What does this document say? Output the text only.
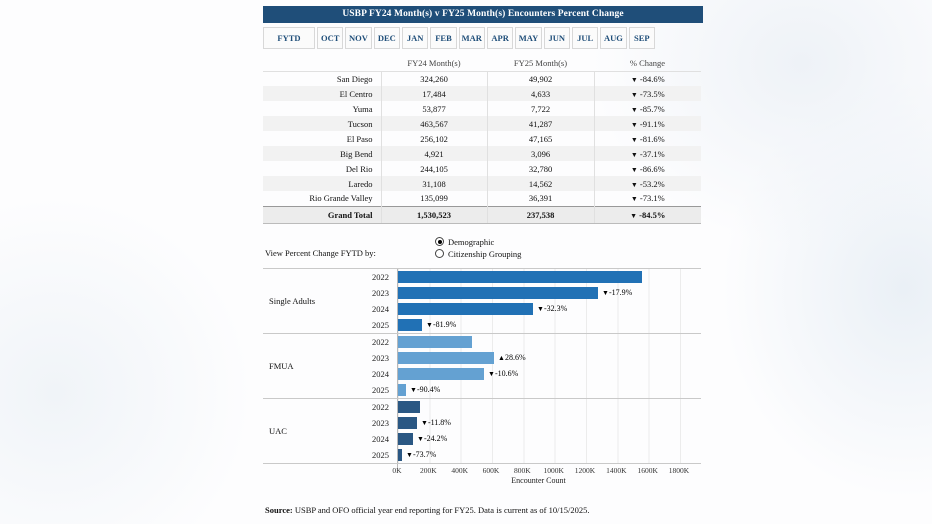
USBP FY24 Month(s) v FY25 Month(s) Encounters Percent Change
FYTD	OCT	NOV	DEC	JAN	FEB	MAR	APR	MAY	JUN	JUL	AUG	SEP
	FY24 Month(s)	FY25 Month(s)	% Change
San Diego	324,260	49,902	▼ -84.6%
El Centro	17,484	4,633	▼ -73.5%
Yuma	53,877	7,722	▼ -85.7%
Tucson	463,567	41,287	▼ -91.1%
El Paso	256,102	47,165	▼ -81.6%
Big Bend	4,921	3,096	▼ -37.1%
Del Rio	244,105	32,780	▼ -86.6%
Laredo	31,108	14,562	▼ -53.2%
Rio Grande Valley	135,099	36,391	▼ -73.1%
Grand Total	1,530,523	237,538	▼ -84.5%
View Percent Change FYTD by:
Demographic
Citizenship Grouping
Single Adults
2022
2023	▼-17.9%
2024	▼-32.3%
2025	▼-81.9%
FMUA
2022
2023	▲28.6%
2024	▼-10.6%
2025	▼-90.4%
UAC
2022
2023	▼-11.8%
2024	▼-24.2%
2025	▼-73.7%
0K 200K 400K 600K 800K 1000K 1200K 1400K 1600K 1800K
Encounter Count
Source: USBP and OFO official year end reporting for FY25. Data is current as of 10/15/2025.
